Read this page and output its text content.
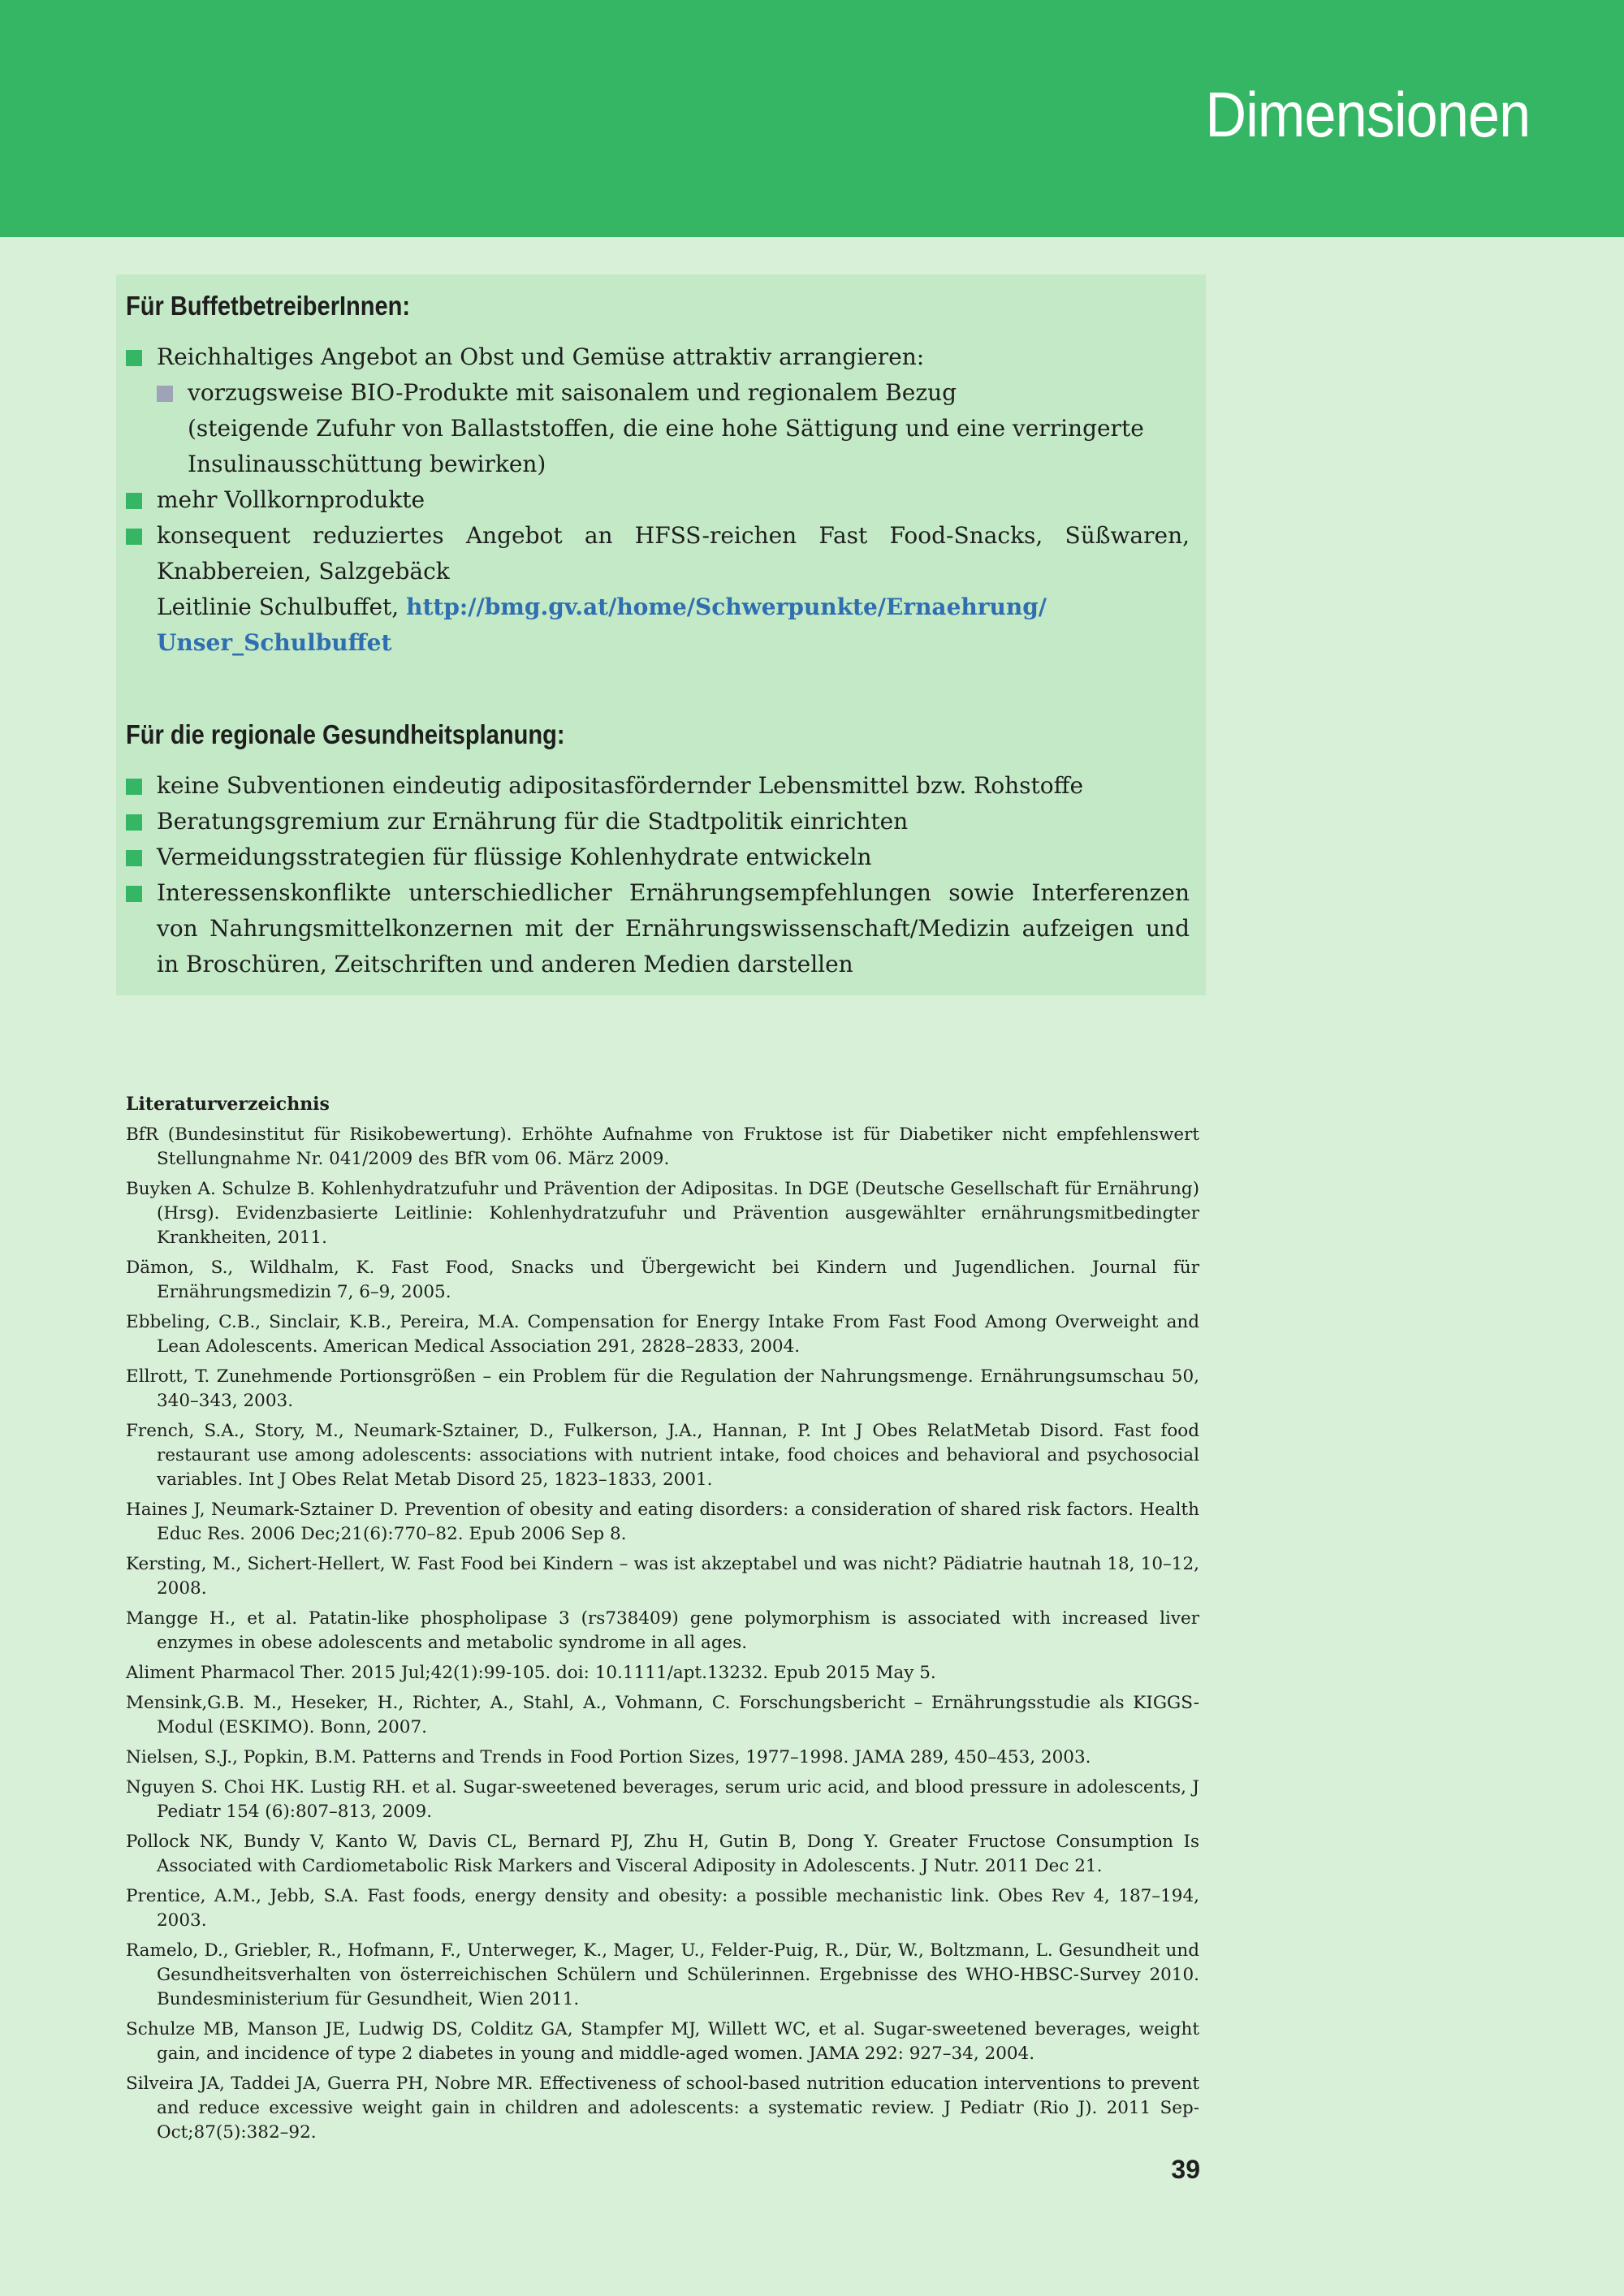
Dimensionen
Für BuffetbetreiberInnen:
Reichhaltiges Angebot an Obst und Gemüse attraktiv arrangieren:
vorzugsweise BIO-Produkte mit saisonalem und regionalem Bezug
(steigende Zufuhr von Ballaststoffen, die eine hohe Sättigung und eine verringerte Insulinausschüttung bewirken)
mehr Vollkornprodukte
konsequent reduziertes Angebot an HFSS-reichen Fast Food-Snacks, Süßwaren, Knabbereien, Salzgebäck
Leitlinie Schulbuffet, http://bmg.gv.at/home/Schwerpunkte/Ernaehrung/ Unser_Schulbuffet
Für die regionale Gesundheitsplanung:
keine Subventionen eindeutig adipositasfördernder Lebensmittel bzw. Rohstoffe
Beratungsgremium zur Ernährung für die Stadtpolitik einrichten
Vermeidungsstrategien für flüssige Kohlenhydrate entwickeln
Interessenskonflikte unterschiedlicher Ernährungsempfehlungen sowie Interferenzen von Nahrungsmittelkonzernen mit der Ernährungswissenschaft/Medizin aufzeigen und in Broschüren, Zeitschriften und anderen Medien darstellen
Literaturverzeichnis
BfR (Bundesinstitut für Risikobewertung). Erhöhte Aufnahme von Fruktose ist für Diabetiker nicht empfehlenswert Stellungnahme Nr. 041/2009 des BfR vom 06. März 2009.
Buyken A. Schulze B. Kohlenhydratzufuhr und Prävention der Adipositas. In DGE (Deutsche Gesellschaft für Ernährung) (Hrsg). Evidenzbasierte Leitlinie: Kohlenhydratzufuhr und Prävention ausgewählter ernährungsmitbedingter Krankheiten, 2011.
Dämon, S., Wildhalm, K. Fast Food, Snacks und Übergewicht bei Kindern und Jugendlichen. Journal für Ernährungsmedizin 7, 6–9, 2005.
Ebbeling, C.B., Sinclair, K.B., Pereira, M.A. Compensation for Energy Intake From Fast Food Among Overweight and Lean Adolescents. American Medical Association 291, 2828–2833, 2004.
Ellrott, T. Zunehmende Portionsgrößen – ein Problem für die Regulation der Nahrungsmenge. Ernährungsumschau 50, 340–343, 2003.
French, S.A., Story, M., Neumark-Sztainer, D., Fulkerson, J.A., Hannan, P. Int J Obes RelatMetab Disord. Fast food restaurant use among adolescents: associations with nutrient intake, food choices and behavioral and psychosocial variables. Int J Obes Relat Metab Disord 25, 1823–1833, 2001.
Haines J, Neumark-Sztainer D. Prevention of obesity and eating disorders: a consideration of shared risk factors. Health Educ Res. 2006 Dec;21(6):770–82. Epub 2006 Sep 8.
Kersting, M., Sichert-Hellert, W. Fast Food bei Kindern – was ist akzeptabel und was nicht? Pädiatrie hautnah 18, 10–12, 2008.
Mangge H., et al. Patatin-like phospholipase 3 (rs738409) gene polymorphism is associated with increased liver enzymes in obese adolescents and metabolic syndrome in all ages.
Aliment Pharmacol Ther. 2015 Jul;42(1):99-105. doi: 10.1111/apt.13232. Epub 2015 May 5.
Mensink,G.B. M., Heseker, H., Richter, A., Stahl, A., Vohmann, C. Forschungsbericht – Ernährungsstudie als KIGGS-Modul (ESKIMO). Bonn, 2007.
Nielsen, S.J., Popkin, B.M. Patterns and Trends in Food Portion Sizes, 1977–1998. JAMA 289, 450–453, 2003.
Nguyen S. Choi HK. Lustig RH. et al. Sugar-sweetened beverages, serum uric acid, and blood pressure in adolescents, J Pediatr 154 (6):807–813, 2009.
Pollock NK, Bundy V, Kanto W, Davis CL, Bernard PJ, Zhu H, Gutin B, Dong Y. Greater Fructose Consumption Is Associated with Cardiometabolic Risk Markers and Visceral Adiposity in Adolescents. J Nutr. 2011 Dec 21.
Prentice, A.M., Jebb, S.A. Fast foods, energy density and obesity: a possible mechanistic link. Obes Rev 4, 187–194, 2003.
Ramelo, D., Griebler, R., Hofmann, F., Unterweger, K., Mager, U., Felder-Puig, R., Dür, W., Boltzmann, L. Gesundheit und Gesundheitsverhalten von österreichischen Schülern und Schülerinnen. Ergebnisse des WHO-HBSC-Survey 2010. Bundesministerium für Gesundheit, Wien 2011.
Schulze MB, Manson JE, Ludwig DS, Colditz GA, Stampfer MJ, Willett WC, et al. Sugar-sweetened beverages, weight gain, and incidence of type 2 diabetes in young and middle-aged women. JAMA 292: 927–34, 2004.
Silveira JA, Taddei JA, Guerra PH, Nobre MR. Effectiveness of school-based nutrition education interventions to prevent and reduce excessive weight gain in children and adolescents: a systematic review. J Pediatr (Rio J). 2011 Sep-Oct;87(5):382–92.
39
